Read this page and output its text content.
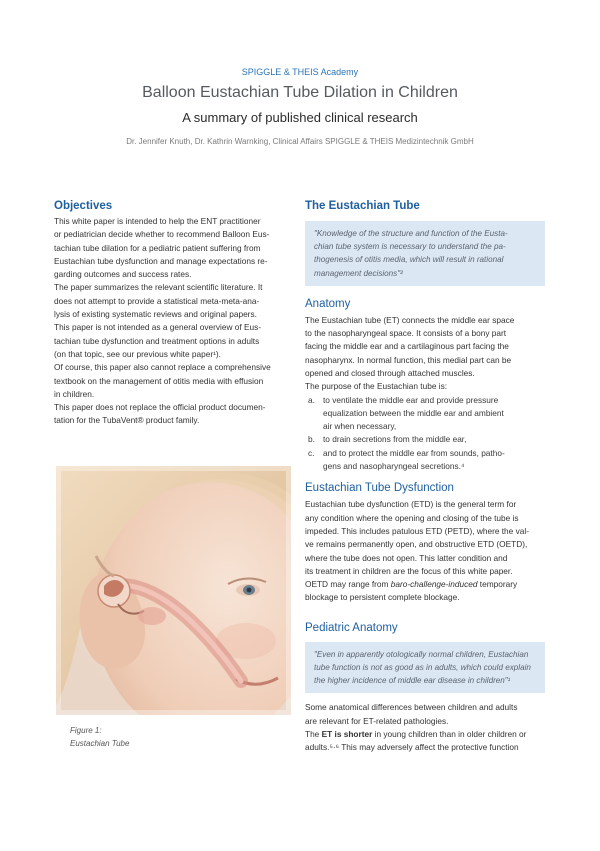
SPIGGLE & THEIS Academy
Balloon Eustachian Tube Dilation in Children
A summary of published clinical research
Dr. Jennifer Knuth, Dr. Kathrin Warnking, Clinical Affairs SPIGGLE & THEIS Medizintechnik GmbH
Objectives

This white paper is intended to help the ENT practitioner

or pediatrician decide whether to recommend Balloon Eus-

tachian tube dilation for a pediatric patient suffering from

Eustachian tube dysfunction and manage expectations re-

garding outcomes and success rates.

The paper summarizes the relevant scientific literature. It

does not attempt to provide a statistical meta-meta-ana-

lysis of existing systematic reviews and original papers.

This paper is not intended as a general overview of Eus-

tachian tube dysfunction and treatment options in adults

(on that topic, see our previous white paper¹).

Of course, this paper also cannot replace a comprehensive

textbook on the management of otitis media with effusion

in children.

This paper does not replace the official product documen-

tation for the TubaVent® product family.

Figure 1:
Eustachian Tube
The Eustachian Tube
"Knowledge of the structure and function of the Eusta-
chian tube system is necessary to understand the pa-
thogenesis of otitis media, which will result in rational
management decisions"²
Anatomy

The Eustachian tube (ET) connects the middle ear space

to the nasopharyngeal space. It consists of a bony part

facing the middle ear and a cartilaginous part facing the

nasopharynx. In normal function, this medial part can be

opened and closed through attached muscles.

The purpose of the Eustachian tube is:

a. to ventilate the middle ear and provide pressure
equalization between the middle ear and ambient
air when necessary,
b. to drain secretions from the middle ear,
c.	and to protect the middle ear from sounds, patho-
gens and nasopharyngeal secretions.⁴
Eustachian Tube Dysfunction

Eustachian tube dysfunction (ETD) is the general term for

any condition where the opening and closing of the tube is

impeded. This includes patulous ETD (PETD), where the val-

ve remains permanently open, and obstructive ETD (OETD),

where the tube does not open. This latter condition and

its treatment in children are the focus of this white paper.

OETD may range from baro-challenge-induced temporary

blockage to persistent complete blockage.

Pediatric Anatomy
"Even in apparently otologically normal children, Eustachian
tube function is not as good as in adults, which could explain
the higher incidence of middle ear disease in children"¹

Some anatomical differences between children and adults

are relevant for ET-related pathologies.

The ET is shorter in young children than in older children or

adults.⁵·⁶ This may adversely affect the protective function
